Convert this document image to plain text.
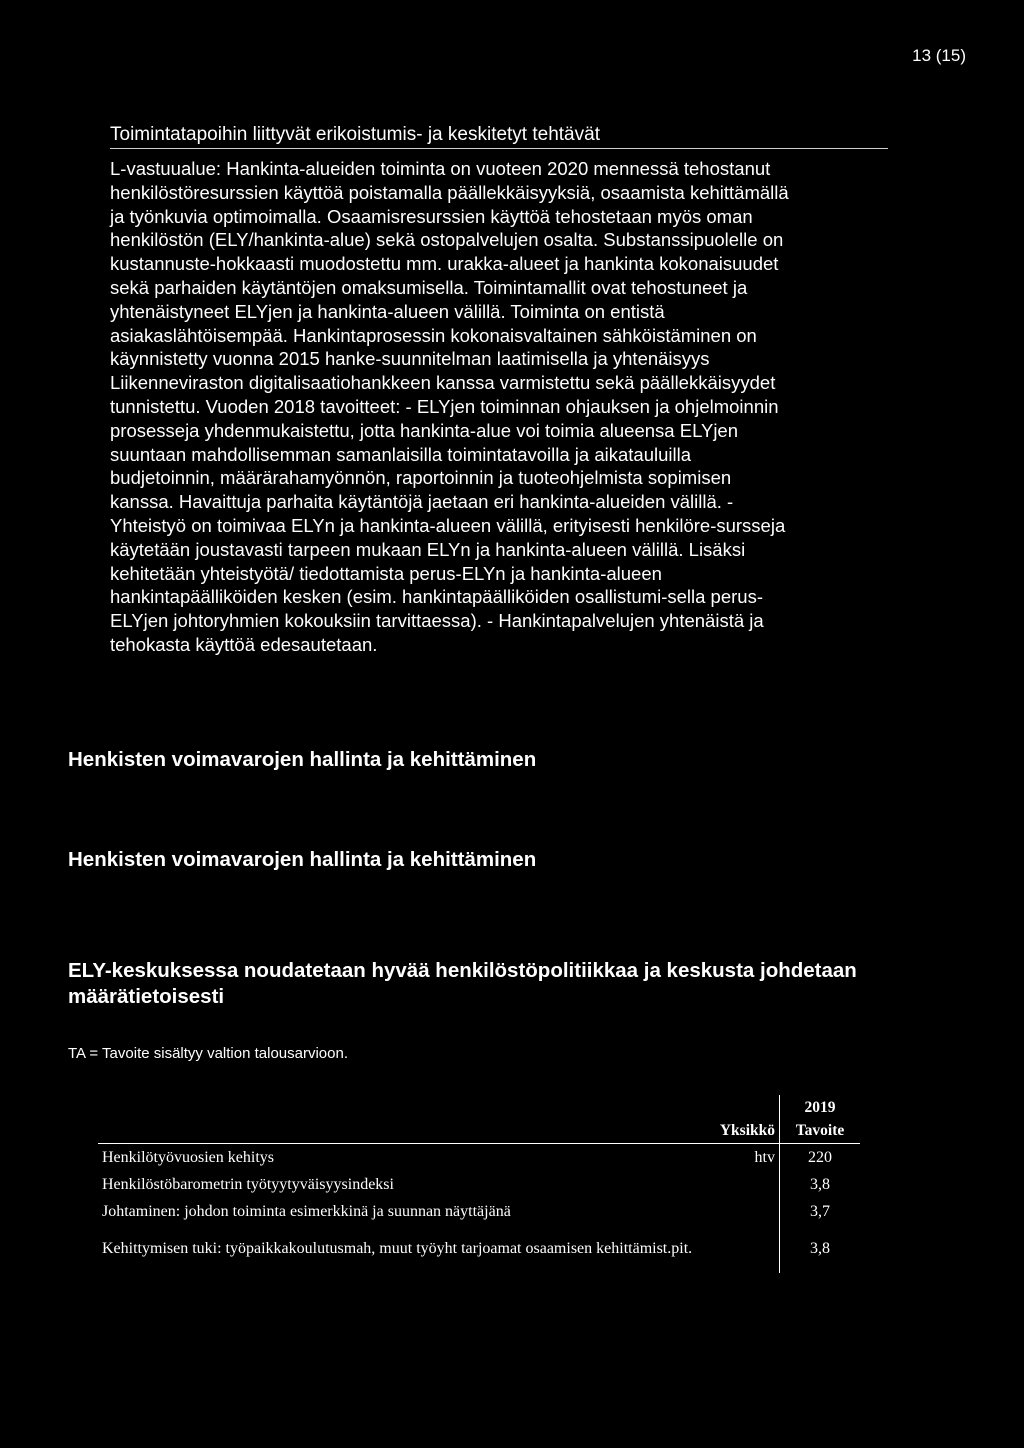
13 (15)
Toimintatapoihin liittyvät erikoistumis- ja keskitetyt tehtävät

L-vastuualue: Hankinta-alueiden toiminta on vuoteen 2020 mennessä tehostanut
henkilöstöresurssien käyttöä poistamalla päällekkäisyyksiä, osaamista kehittämällä
ja työnkuvia optimoimalla. Osaamisresurssien käyttöä tehostetaan myös oman
henkilöstön (ELY/hankinta-alue) sekä ostopalvelujen osalta. Substanssipuolelle on
kustannuste-hokkaasti muodostettu mm. urakka-alueet ja hankinta kokonaisuudet
sekä parhaiden käytäntöjen omaksumisella. Toimintamallit ovat tehostuneet ja
yhtenäistyneet ELYjen ja hankinta-alueen välillä. Toiminta on entistä
asiakaslähtöisempää. Hankintaprosessin kokonaisvaltainen sähköistäminen on
käynnistetty vuonna 2015 hanke-suunnitelman laatimisella ja yhtenäisyys
Liikenneviraston digitalisaatiohankkeen kanssa varmistettu sekä päällekkäisyydet
tunnistettu. Vuoden 2018 tavoitteet: - ELYjen toiminnan ohjauksen ja ohjelmoinnin
prosesseja yhdenmukaistettu, jotta hankinta-alue voi toimia alueensa ELYjen
suuntaan mahdollisemman samanlaisilla toimintatavoilla ja aikatauluilla
budjetoinnin, määrärahamyönnön, raportoinnin ja tuoteohjelmista sopimisen
kanssa. Havaittuja parhaita käytäntöjä jaetaan eri hankinta-alueiden välillä. -
Yhteistyö on toimivaa ELYn ja hankinta-alueen välillä, erityisesti henkilöre-sursseja
käytetään joustavasti tarpeen mukaan ELYn ja hankinta-alueen välillä. Lisäksi
kehitetään yhteistyötä/ tiedottamista perus-ELYn ja hankinta-alueen
hankintapäälliköiden kesken (esim. hankintapäälliköiden osallistumi-sella perus-
ELYjen johtoryhmien kokouksiin tarvittaessa). - Hankintapalvelujen yhtenäistä ja
tehokasta käyttöä edesautetaan.

Henkisten voimavarojen hallinta ja kehittäminen
Henkisten voimavarojen hallinta ja kehittäminen
ELY-keskuksessa noudatetaan hyvää henkilöstöpolitiikkaa ja keskusta johdetaan
määrätietoisesti
TA = Tavoite sisältyy valtion talousarvioon.
		2019
	Yksikkö	Tavoite
Henkilötyövuosien kehitys	htv	220
Henkilöstöbarometrin työtyytyväisyysindeksi		3,8
Johtaminen: johdon toiminta esimerkkinä ja suunnan näyttäjänä		3,7
Kehittymisen tuki: työpaikkakoulutusmah, muut työyht tarjoamat osaamisen kehittämist.pit.		3,8
